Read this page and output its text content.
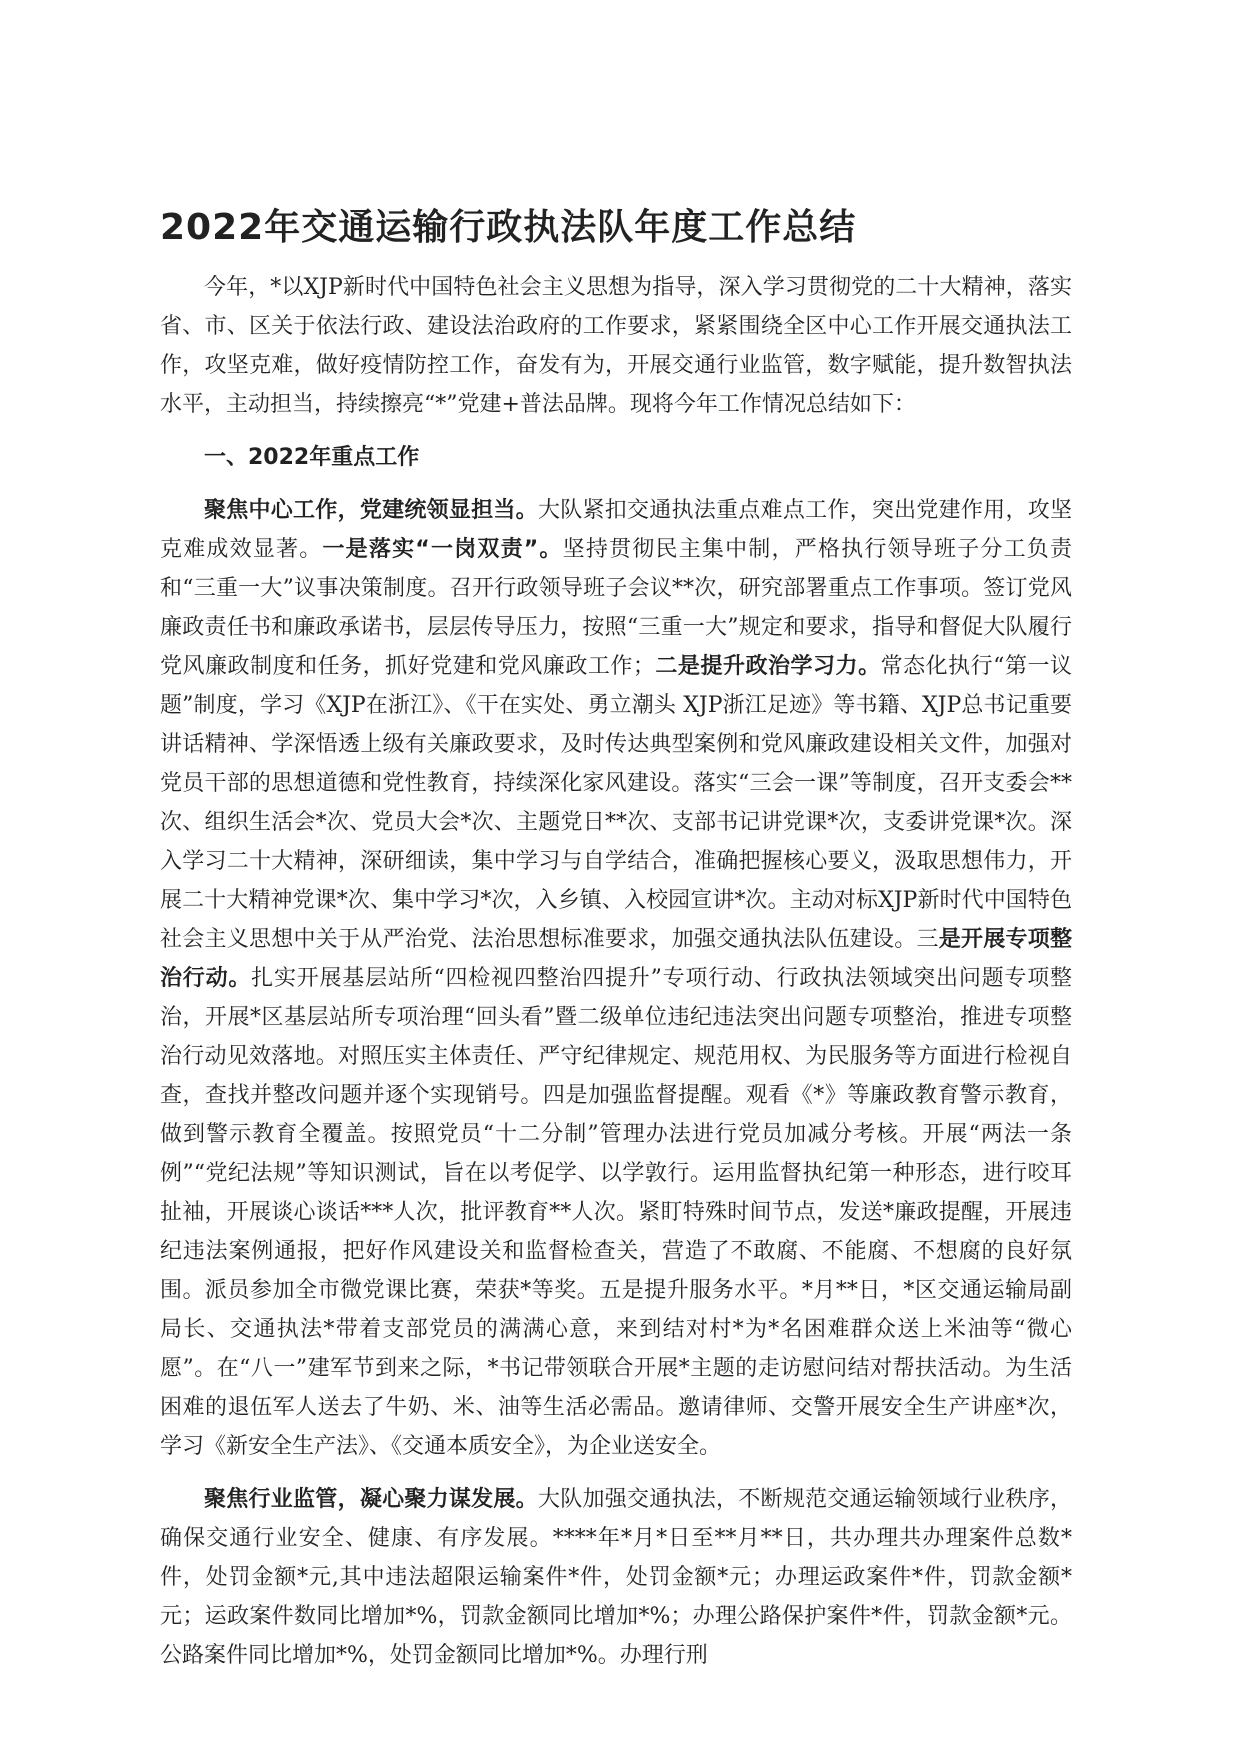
2022年交通运输行政执法队年度工作总结

今年，*以XJP新时代中国特色社会主义思想为指导，深入学习贯彻党的二十大精神，落实省、市、区关于依法行政、建设法治政府的工作要求，紧紧围绕全区中心工作开展交通执法工作，攻坚克难，做好疫情防控工作，奋发有为，开展交通行业监管，数字赋能，提升数智执法水平，主动担当，持续擦亮“*”党建+普法品牌。现将今年工作情况总结如下：

一、2022年重点工作

聚焦中心工作，党建统领显担当。大队紧扣交通执法重点难点工作，突出党建作用，攻坚克难成效显著。一是落实“一岗双责”。坚持贯彻民主集中制，严格执行领导班子分工负责和“三重一大”议事决策制度。召开行政领导班子会议**次，研究部署重点工作事项。签订党风廉政责任书和廉政承诺书，层层传导压力，按照“三重一大”规定和要求，指导和督促大队履行党风廉政制度和任务，抓好党建和党风廉政工作；二是提升政治学习力。常态化执行“第一议题”制度，学习《XJP在浙江》、《干在实处、勇立潮头 XJP浙江足迹》等书籍、XJP总书记重要讲话精神、学深悟透上级有关廉政要求，及时传达典型案例和党风廉政建设相关文件，加强对党员干部的思想道德和党性教育，持续深化家风建设。落实“三会一课”等制度，召开支委会**次、组织生活会*次、党员大会*次、主题党日**次、支部书记讲党课*次，支委讲党课*次。深入学习二十大精神，深研细读，集中学习与自学结合，准确把握核心要义，汲取思想伟力，开展二十大精神党课*次、集中学习*次，入乡镇、入校园宣讲*次。主动对标XJP新时代中国特色社会主义思想中关于从严治党、法治思想标准要求，加强交通执法队伍建设。三是开展专项整治行动。扎实开展基层站所“四检视四整治四提升”专项行动、行政执法领域突出问题专项整治，开展*区基层站所专项治理“回头看”暨二级单位违纪违法突出问题专项整治，推进专项整治行动见效落地。对照压实主体责任、严守纪律规定、规范用权、为民服务等方面进行检视自查，查找并整改问题并逐个实现销号。四是加强监督提醒。观看《*》等廉政教育警示教育，做到警示教育全覆盖。按照党员“十二分制”管理办法进行党员加减分考核。开展“两法一条例”“党纪法规”等知识测试，旨在以考促学、以学敦行。运用监督执纪第一种形态，进行咬耳扯袖，开展谈心谈话***人次，批评教育**人次。紧盯特殊时间节点，发送*廉政提醒，开展违纪违法案例通报，把好作风建设关和监督检查关，营造了不敢腐、不能腐、不想腐的良好氛围。派员参加全市微党课比赛，荣获*等奖。五是提升服务水平。*月**日，*区交通运输局副局长、交通执法*带着支部党员的满满心意，来到结对村*为*名困难群众送上米油等“微心愿”。在“八一”建军节到来之际，*书记带领联合开展*主题的走访慰问结对帮扶活动。为生活困难的退伍军人送去了牛奶、米、油等生活必需品。邀请律师、交警开展安全生产讲座*次，学习《新安全生产法》、《交通本质安全》，为企业送安全。

聚焦行业监管，凝心聚力谋发展。大队加强交通执法，不断规范交通运输领域行业秩序，确保交通行业安全、健康、有序发展。****年*月*日至**月**日，共办理共办理案件总数*件，处罚金额*元,其中违法超限运输案件*件，处罚金额*元；办理运政案件*件，罚款金额*元；运政案件数同比增加*%，罚款金额同比增加*%；办理公路保护案件*件，罚款金额*元。公路案件同比增加*%，处罚金额同比增加*%。办理行刑
